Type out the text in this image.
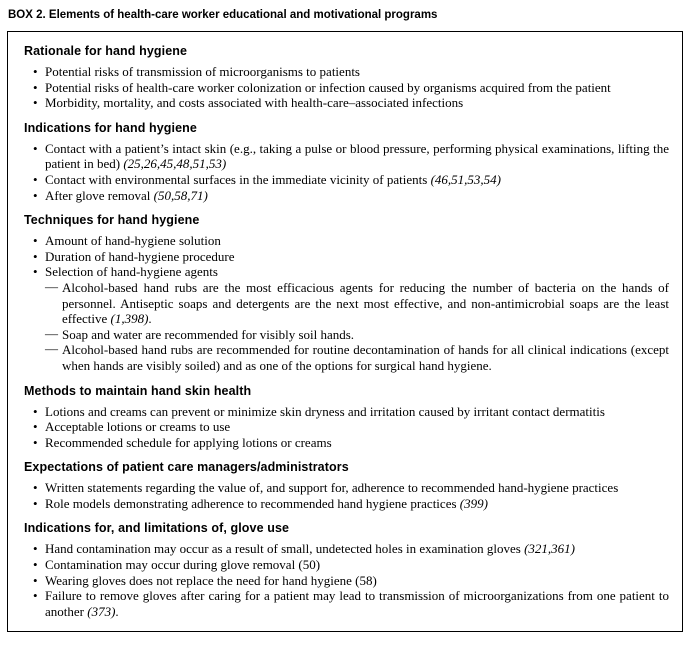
BOX 2. Elements of health-care worker educational and motivational programs
Rationale for hand hygiene
• Potential risks of transmission of microorganisms to patients
• Potential risks of health-care worker colonization or infection caused by organisms acquired from the patient
• Morbidity, mortality, and costs associated with health-care–associated infections
Indications for hand hygiene
• Contact with a patient’s intact skin (e.g., taking a pulse or blood pressure, performing physical examinations, lifting the patient in bed) (25,26,45,48,51,53)
• Contact with environmental surfaces in the immediate vicinity of patients (46,51,53,54)
• After glove removal (50,58,71)
Techniques for hand hygiene
• Amount of hand-hygiene solution
• Duration of hand-hygiene procedure
• Selection of hand-hygiene agents
— Alcohol-based hand rubs are the most efficacious agents for reducing the number of bacteria on the hands of personnel. Antiseptic soaps and detergents are the next most effective, and non-antimicrobial soaps are the least effective (1,398).
— Soap and water are recommended for visibly soil hands.
— Alcohol-based hand rubs are recommended for routine decontamination of hands for all clinical indications (except when hands are visibly soiled) and as one of the options for surgical hand hygiene.
Methods to maintain hand skin health
• Lotions and creams can prevent or minimize skin dryness and irritation caused by irritant contact dermatitis
• Acceptable lotions or creams to use
• Recommended schedule for applying lotions or creams
Expectations of patient care managers/administrators
• Written statements regarding the value of, and support for, adherence to recommended hand-hygiene practices
• Role models demonstrating adherence to recommended hand hygiene practices (399)
Indications for, and limitations of, glove use
• Hand contamination may occur as a result of small, undetected holes in examination gloves (321,361)
• Contamination may occur during glove removal (50)
• Wearing gloves does not replace the need for hand hygiene (58)
• Failure to remove gloves after caring for a patient may lead to transmission of microorganizations from one patient to another (373).
